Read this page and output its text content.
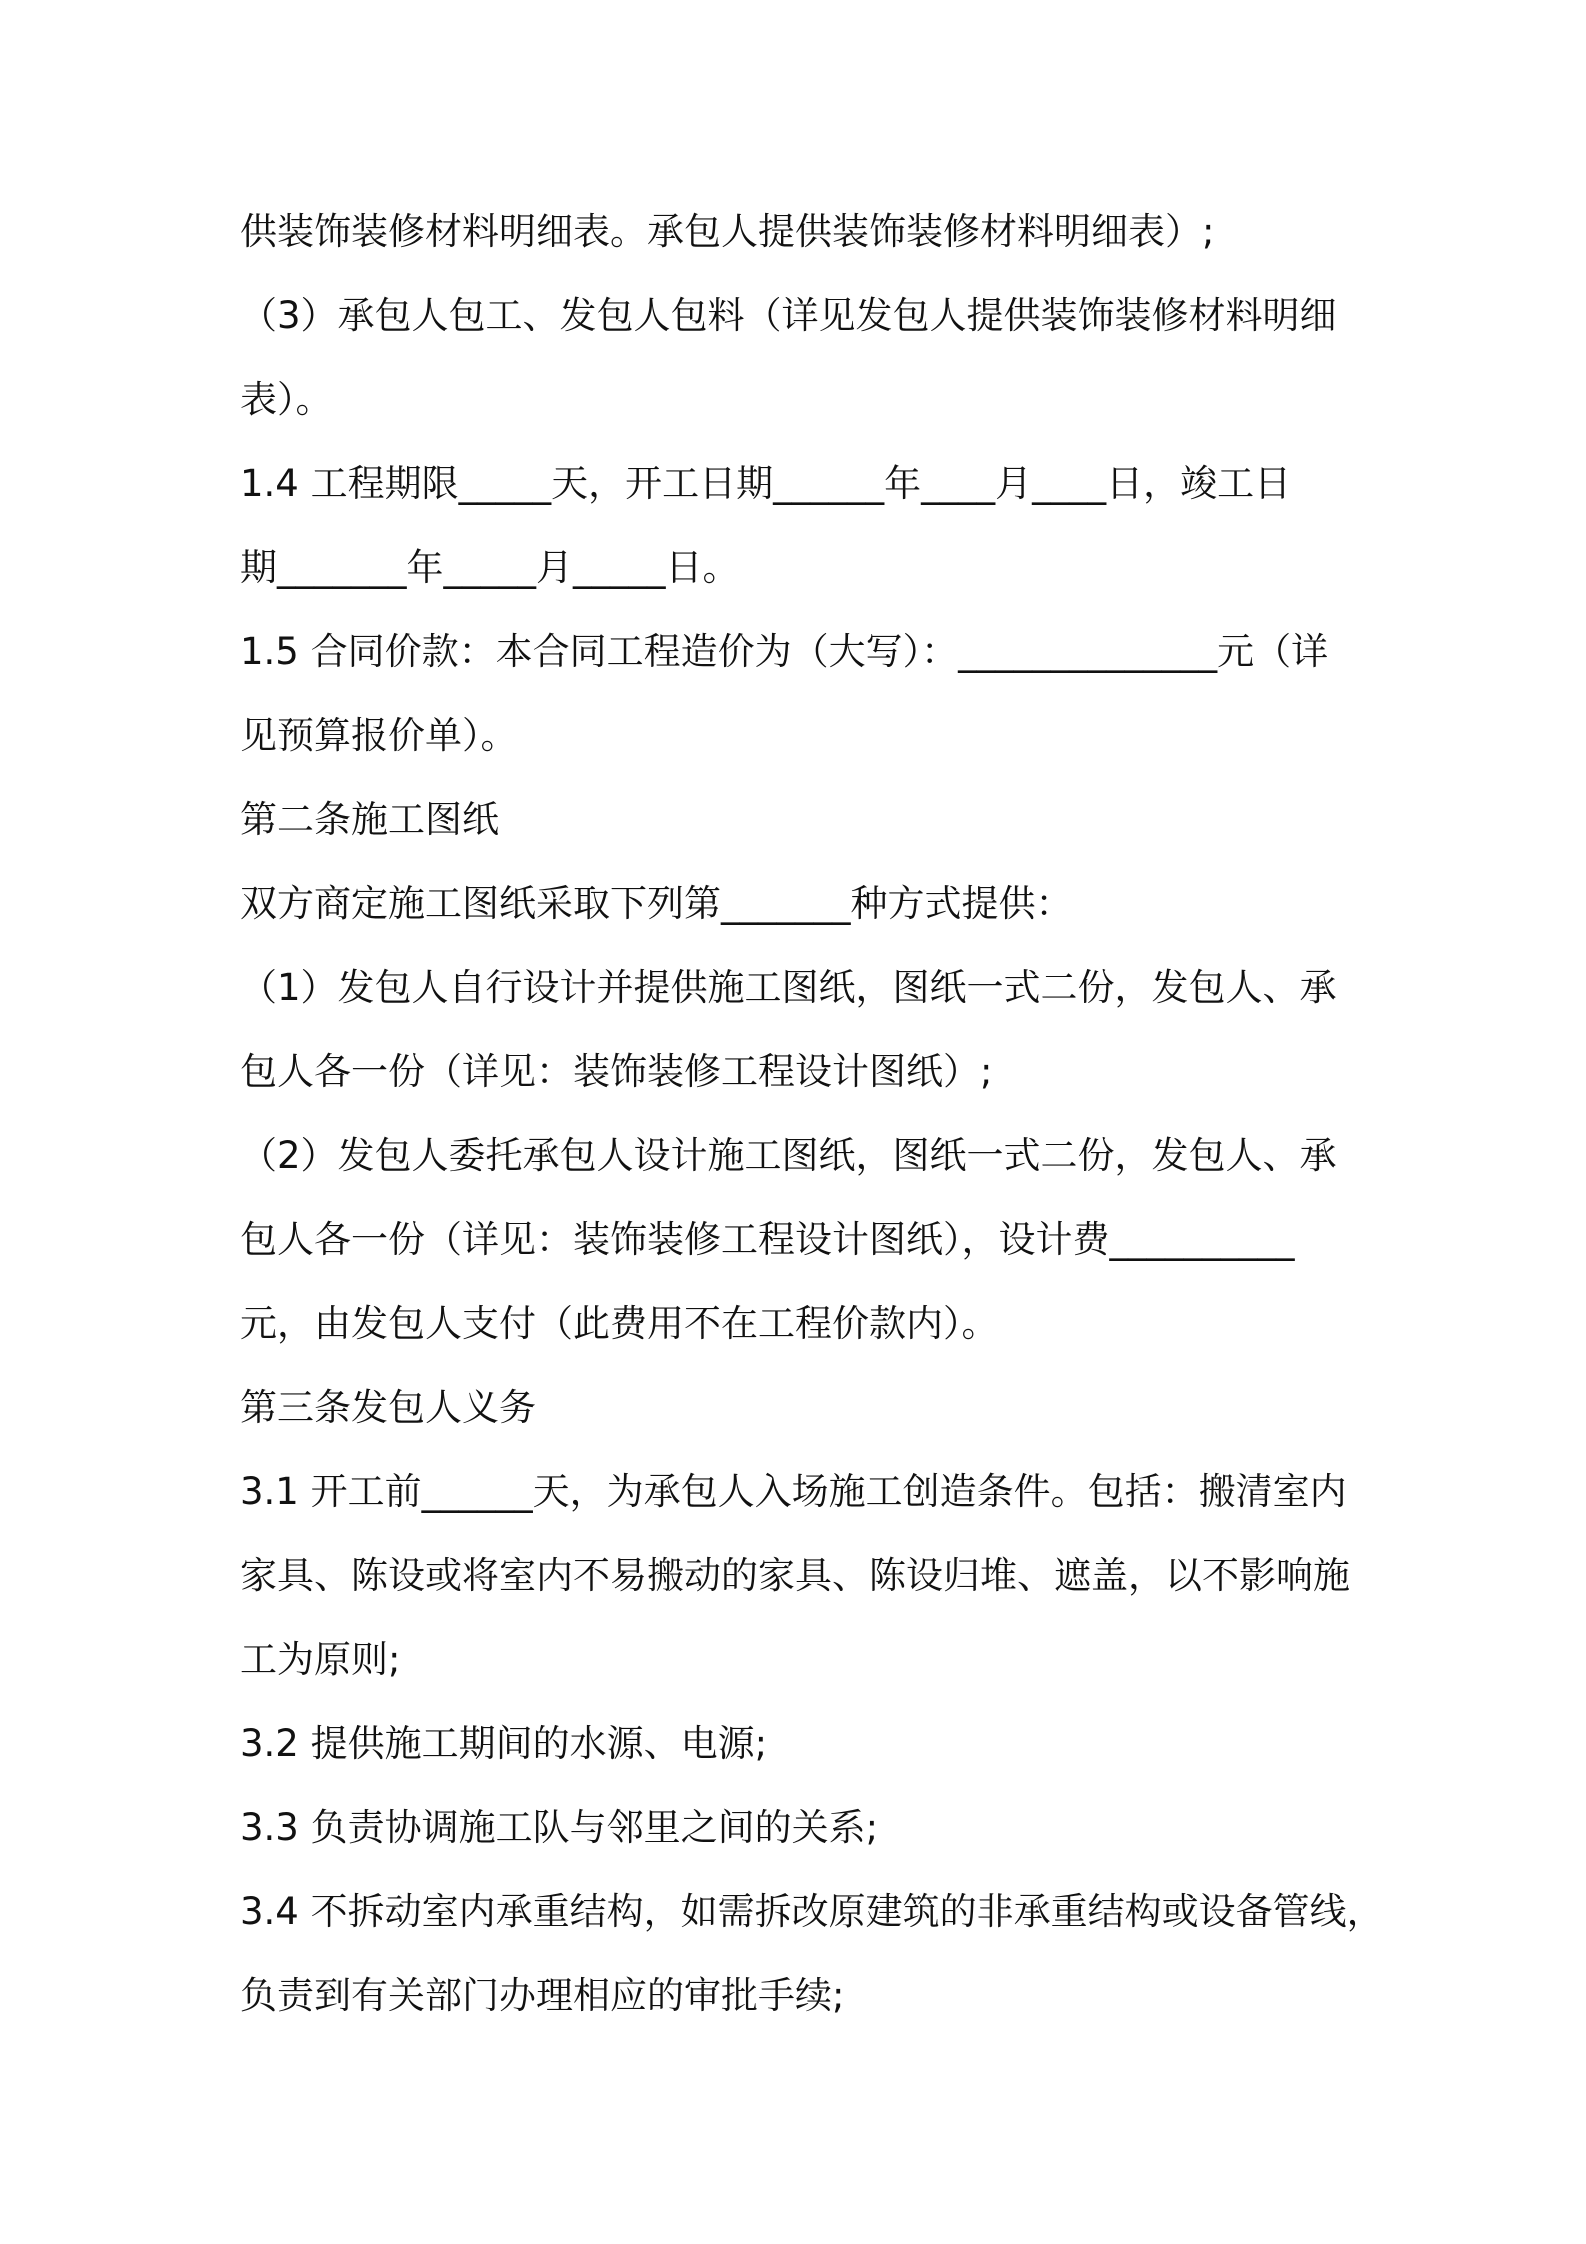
供装饰装修材料明细表。承包人提供装饰装修材料明细表）;
（3）承包人包工、发包人包料（详见发包人提供装饰装修材料明细
表）。
1.4 工程期限_____天，开工日期______年____月____日，竣工日
期_______年_____月_____日。
1.5 合同价款：本合同工程造价为（大写）：______________元（详
见预算报价单）。
第二条施工图纸
双方商定施工图纸采取下列第_______种方式提供：
（1）发包人自行设计并提供施工图纸，图纸一式二份，发包人、承
包人各一份（详见：装饰装修工程设计图纸）;
（2）发包人委托承包人设计施工图纸，图纸一式二份，发包人、承
包人各一份（详见：装饰装修工程设计图纸），设计费__________
元，由发包人支付（此费用不在工程价款内）。
第三条发包人义务
3.1 开工前______天，为承包人入场施工创造条件。包括：搬清室内
家具、陈设或将室内不易搬动的家具、陈设归堆、遮盖，以不影响施
工为原则;
3.2 提供施工期间的水源、电源;
3.3 负责协调施工队与邻里之间的关系;
3.4 不拆动室内承重结构，如需拆改原建筑的非承重结构或设备管线，
负责到有关部门办理相应的审批手续;
